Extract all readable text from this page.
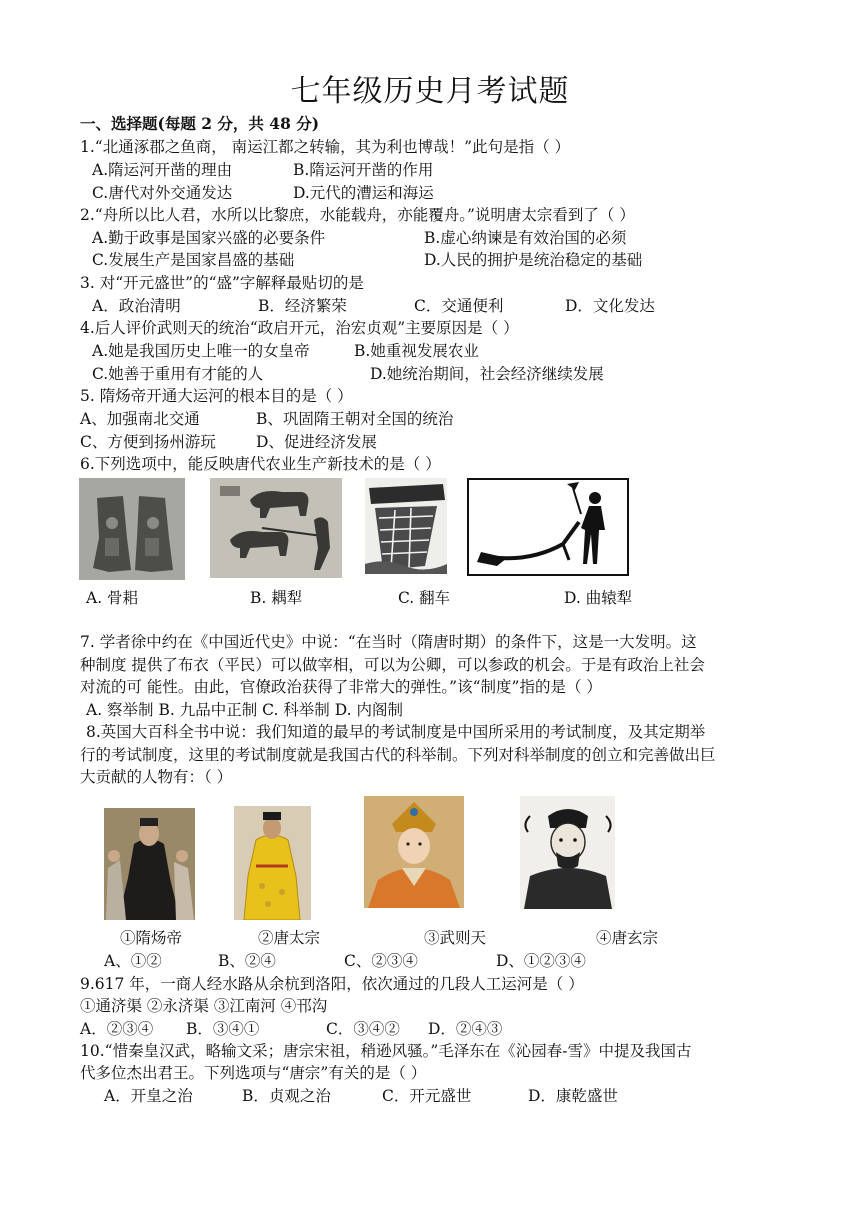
七年级历史月考试题
一、选择题(每题 2 分，共 48 分)
1.“北通涿郡之鱼商， 南运江都之转输，其为利也博哉！”此句是指（ ）
A.隋运河开凿的理由	B.隋运河开凿的作用
C.唐代对外交通发达	D.元代的漕运和海运
2.“舟所以比人君，水所以比黎庶，水能载舟，亦能覆舟。”说明唐太宗看到了（ ）
A.勤于政事是国家兴盛的必要条件	B.虚心纳谏是有效治国的必须
C.发展生产是国家昌盛的基础	D.人民的拥护是统治稳定的基础
3. 对“开元盛世”的“盛”字解释最贴切的是
A．政治清明	B．经济繁荣	C．交通便利	D．文化发达
4.后人评价武则天的统治“政启开元，治宏贞观”主要原因是（ ）
A.她是我国历史上唯一的女皇帝	B.她重视发展农业
C.她善于重用有才能的人	D.她统治期间，社会经济继续发展
5. 隋炀帝开通大运河的根本目的是（ ）
A、加强南北交通	B、巩固隋王朝对全国的统治
C、方便到扬州游玩	D、促进经济发展
6.下列选项中，能反映唐代农业生产新技术的是（ ）
A. 骨耜	B. 耦犁	C. 翻车	D. 曲辕犁
7. 学者徐中约在《中国近代史》中说：“在当时（隋唐时期）的条件下，这是一大发明。这
种制度 提供了布衣（平民）可以做宰相，可以为公卿，可以参政的机会。于是有政治上社会
对流的可 能性。由此，官僚政治获得了非常大的弹性。”该“制度”指的是（ ）
A. 察举制 B. 九品中正制 C. 科举制 D. 内阁制
8.英国大百科全书中说：我们知道的最早的考试制度是中国所采用的考试制度，及其定期举
行的考试制度，这里的考试制度就是我国古代的科举制。下列对科举制度的创立和完善做出巨
大贡献的人物有：（ ）
①隋炀帝	②唐太宗	③武则天	④唐玄宗
A、①②	B、②④	C、②③④	D、①②③④
9.617 年，一商人经水路从余杭到洛阳，依次通过的几段人工运河是（ ）
①通济渠 ②永济渠 ③江南河 ④邗沟
A．②③④ B．③④①	C．③④② D．②④③
10.“惜秦皇汉武，略输文采；唐宗宋祖，稍逊风骚。”毛泽东在《沁园春-雪》中提及我国古
代多位杰出君王。下列选项与“唐宗”有关的是（ ）
A．开皇之治	B．贞观之治	C．开元盛世	D．康乾盛世
